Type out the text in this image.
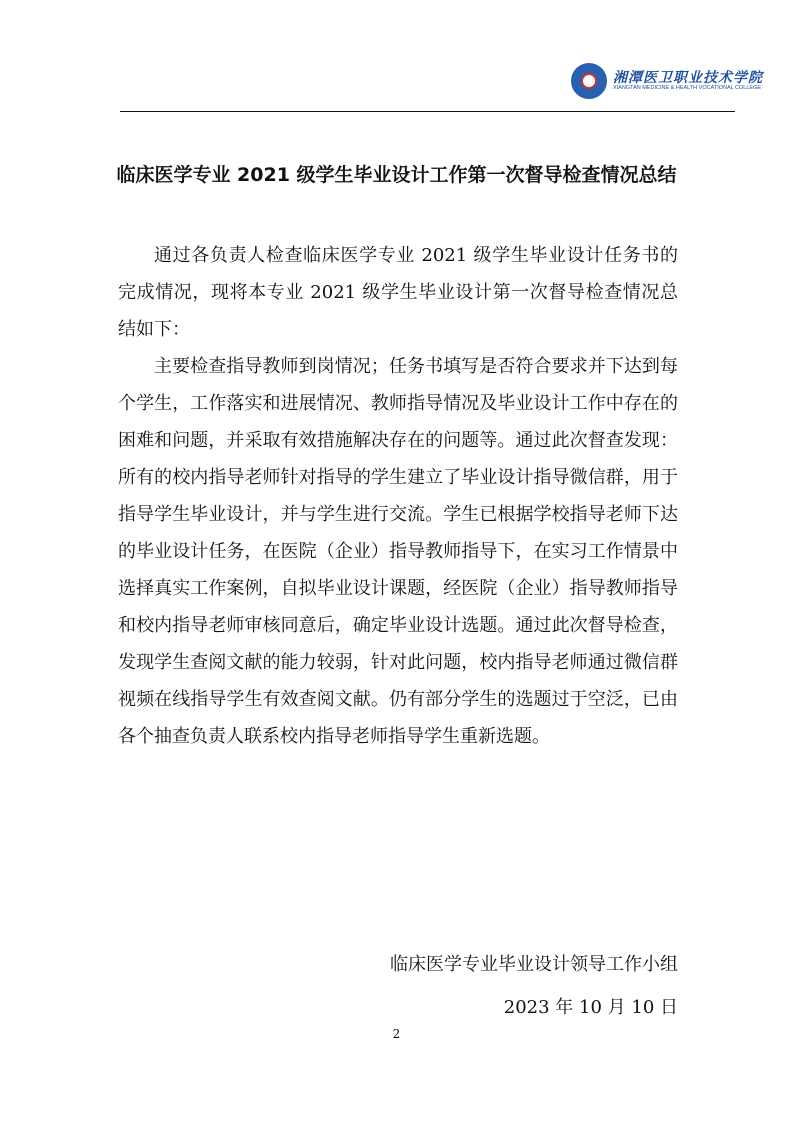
湘潭医卫职业技术学院
XIANGTAN MEDICINE & HEALTH VOCATIONAL COLLEGE
临床医学专业 2021 级学生毕业设计工作第一次督导检查情况总结

通过各负责人检查临床医学专业 2021 级学生毕业设计任务书的完成情况，现将本专业 2021 级学生毕业设计第一次督导检查情况总结如下：

主要检查指导教师到岗情况；任务书填写是否符合要求并下达到每个学生，工作落实和进展情况、教师指导情况及毕业设计工作中存在的困难和问题，并采取有效措施解决存在的问题等。通过此次督查发现：所有的校内指导老师针对指导的学生建立了毕业设计指导微信群，用于指导学生毕业设计，并与学生进行交流。学生已根据学校指导老师下达的毕业设计任务，在医院（企业）指导教师指导下，在实习工作情景中选择真实工作案例，自拟毕业设计课题，经医院（企业）指导教师指导和校内指导老师审核同意后，确定毕业设计选题。通过此次督导检查，发现学生查阅文献的能力较弱，针对此问题，校内指导老师通过微信群视频在线指导学生有效查阅文献。仍有部分学生的选题过于空泛，已由各个抽查负责人联系校内指导老师指导学生重新选题。

临床医学专业毕业设计领导工作小组
2023 年 10 月 10 日
2
